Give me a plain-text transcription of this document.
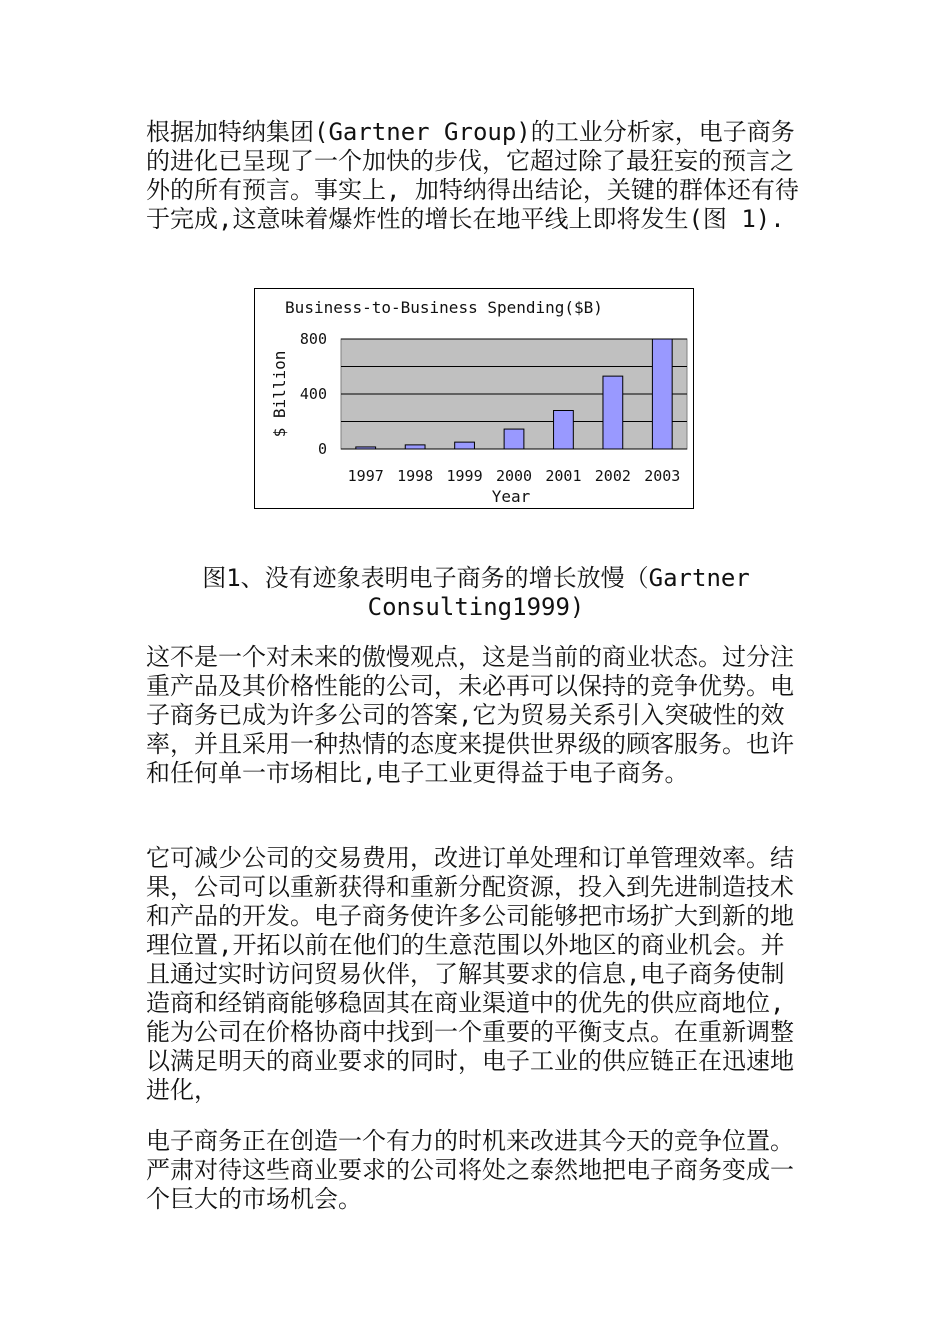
根据加特纳集团(Gartner Group)的工业分析家，电子商务的进化已呈现了一个加快的步伐，它超过除了最狂妄的预言之外的所有预言。事实上, 加特纳得出结论，关键的群体还有待于完成,这意味着爆炸性的增长在地平线上即将发生(图 1).

Business-to-Business Spending($B)
0
400
800
1997 1998 1999 2000 2001 2002 2003
$ Billion
Year
图1、没有迹象表明电子商务的增长放慢（Gartner
Consulting1999)

这不是一个对未来的傲慢观点，这是当前的商业状态。过分注重产品及其价格性能的公司，未必再可以保持的竞争优势。电子商务已成为许多公司的答案,它为贸易关系引入突破性的效率，并且采用一种热情的态度来提供世界级的顾客服务。也许和任何单一市场相比,电子工业更得益于电子商务。

它可减少公司的交易费用，改进订单处理和订单管理效率。结果，公司可以重新获得和重新分配资源，投入到先进制造技术和产品的开发。电子商务使许多公司能够把市场扩大到新的地理位置,开拓以前在他们的生意范围以外地区的商业机会。并且通过实时访问贸易伙伴，了解其要求的信息,电子商务使制造商和经销商能够稳固其在商业渠道中的优先的供应商地位,能为公司在价格协商中找到一个重要的平衡支点。在重新调整以满足明天的商业要求的同时，电子工业的供应链正在迅速地进化，

电子商务正在创造一个有力的时机来改进其今天的竞争位置。严肃对待这些商业要求的公司将处之泰然地把电子商务变成一个巨大的市场机会。
